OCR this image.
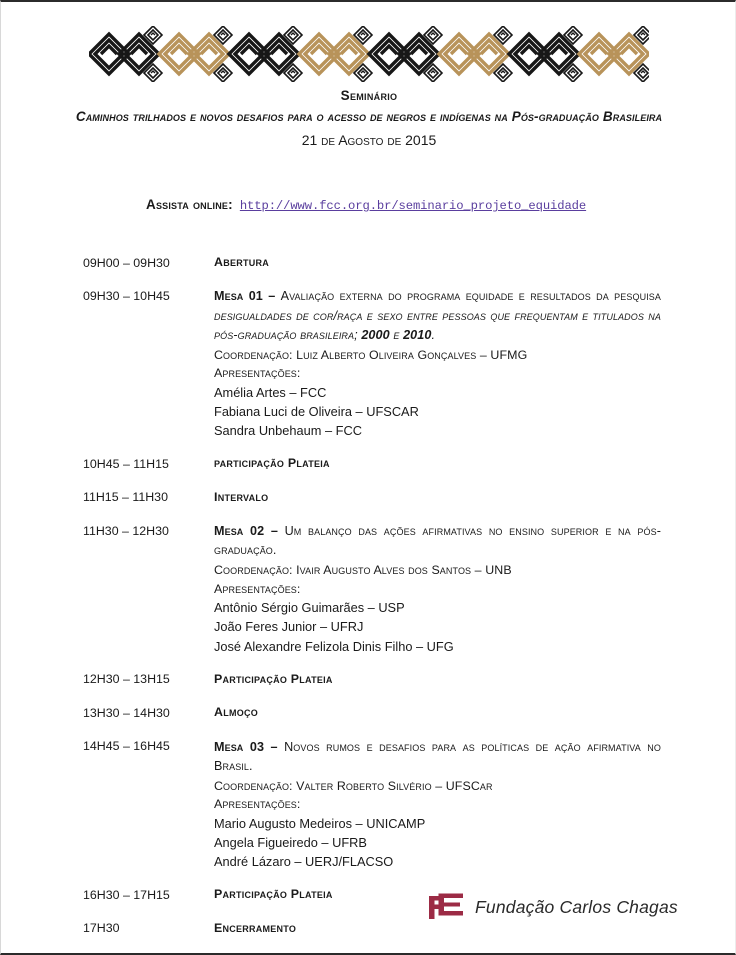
Seminário
Caminhos trilhados e novos desafios para o acesso de negros e indígenas na Pós-graduação Brasileira
21 de Agosto de 2015
Assista online: http://www.fcc.org.br/seminario_projeto_equidade
09H00 – 09H30	Abertura
09H30 – 10H45	Mesa 01 – Avaliação externa do programa equidade e resultados da pesquisa desigualdades de cor/raça e sexo entre pessoas que frequentam e titulados na pós-graduação brasileira; 2000 e 2010.
Coordenação: Luiz Alberto Oliveira Gonçalves – UFMG
Apresentações:
Amélia Artes – FCC
Fabiana Luci de Oliveira – UFSCAR
Sandra Unbehaum – FCC
10H45 – 11H15	participação Plateia
11H15 – 11H30	Intervalo
11H30 – 12H30	Mesa 02 – Um balanço das ações afirmativas no ensino superior e na pós-graduação.
Coordenação: Ivair Augusto Alves dos Santos – UNB
Apresentações:
Antônio Sérgio Guimarães – USP
João Feres Junior – UFRJ
José Alexandre Felizola Dinis Filho – UFG
12H30 – 13H15	Participação Plateia
13H30 – 14H30	Almoço
14H45 – 16H45	Mesa 03 – Novos rumos e desafios para as políticas de ação afirmativa no Brasil.
Coordenação: Valter Roberto Silvério – UFSCar
Apresentações:
Mario Augusto Medeiros – UNICAMP
Angela Figueiredo – UFRB
André Lázaro – UERJ/FLACSO
16H30 – 17H15	Participação Plateia
17H30	Encerramento
Fundação Carlos Chagas
